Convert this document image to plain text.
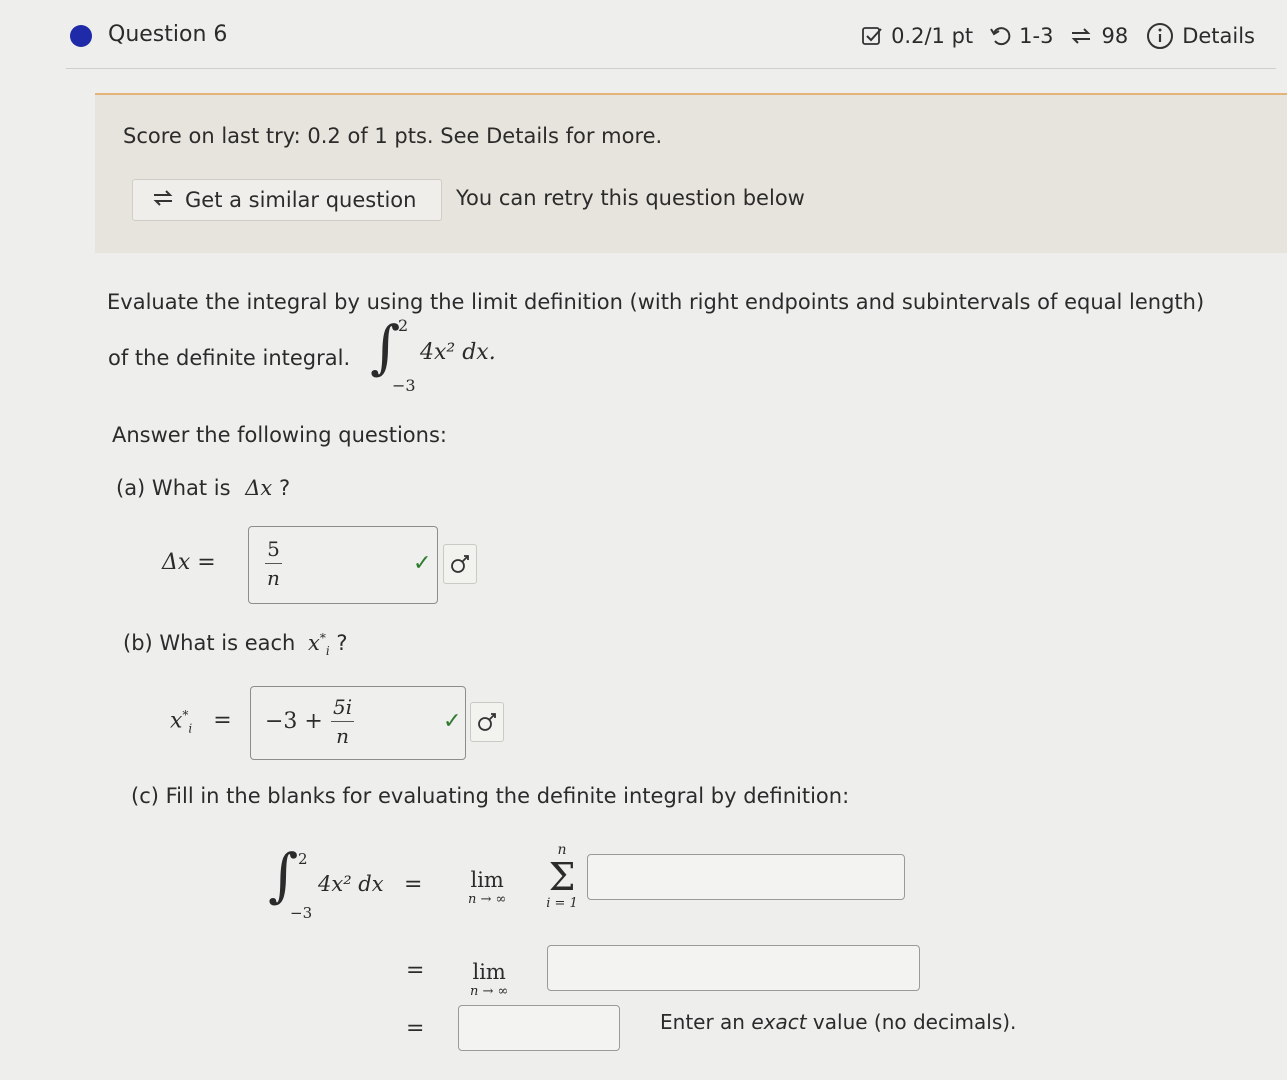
Question 6	0.2/1 pt 1-3 98	Details
Score on last try: 0.2 of 1 pts. See Details for more.
Get a similar question You can retry this question below
Evaluate the integral by using the limit definition (with right endpoints and subintervals of equal length)
of the definite integral. ∫
2
−3
4x² dx.
Answer the following questions:
(a) What is Δx ?
Δx =
5
n
✓
(b) What is each $x^*_i$ ?
$x^*_i = -3$ +
5i
n
✓
(c) Fill in the blanks for evaluating the definite integral by definition:
∫ 2
−3
4x² dx = lim
n → ∞
n
Σ
i = 1
= lim
n → ∞
=	Enter an exact value (no decimals).
